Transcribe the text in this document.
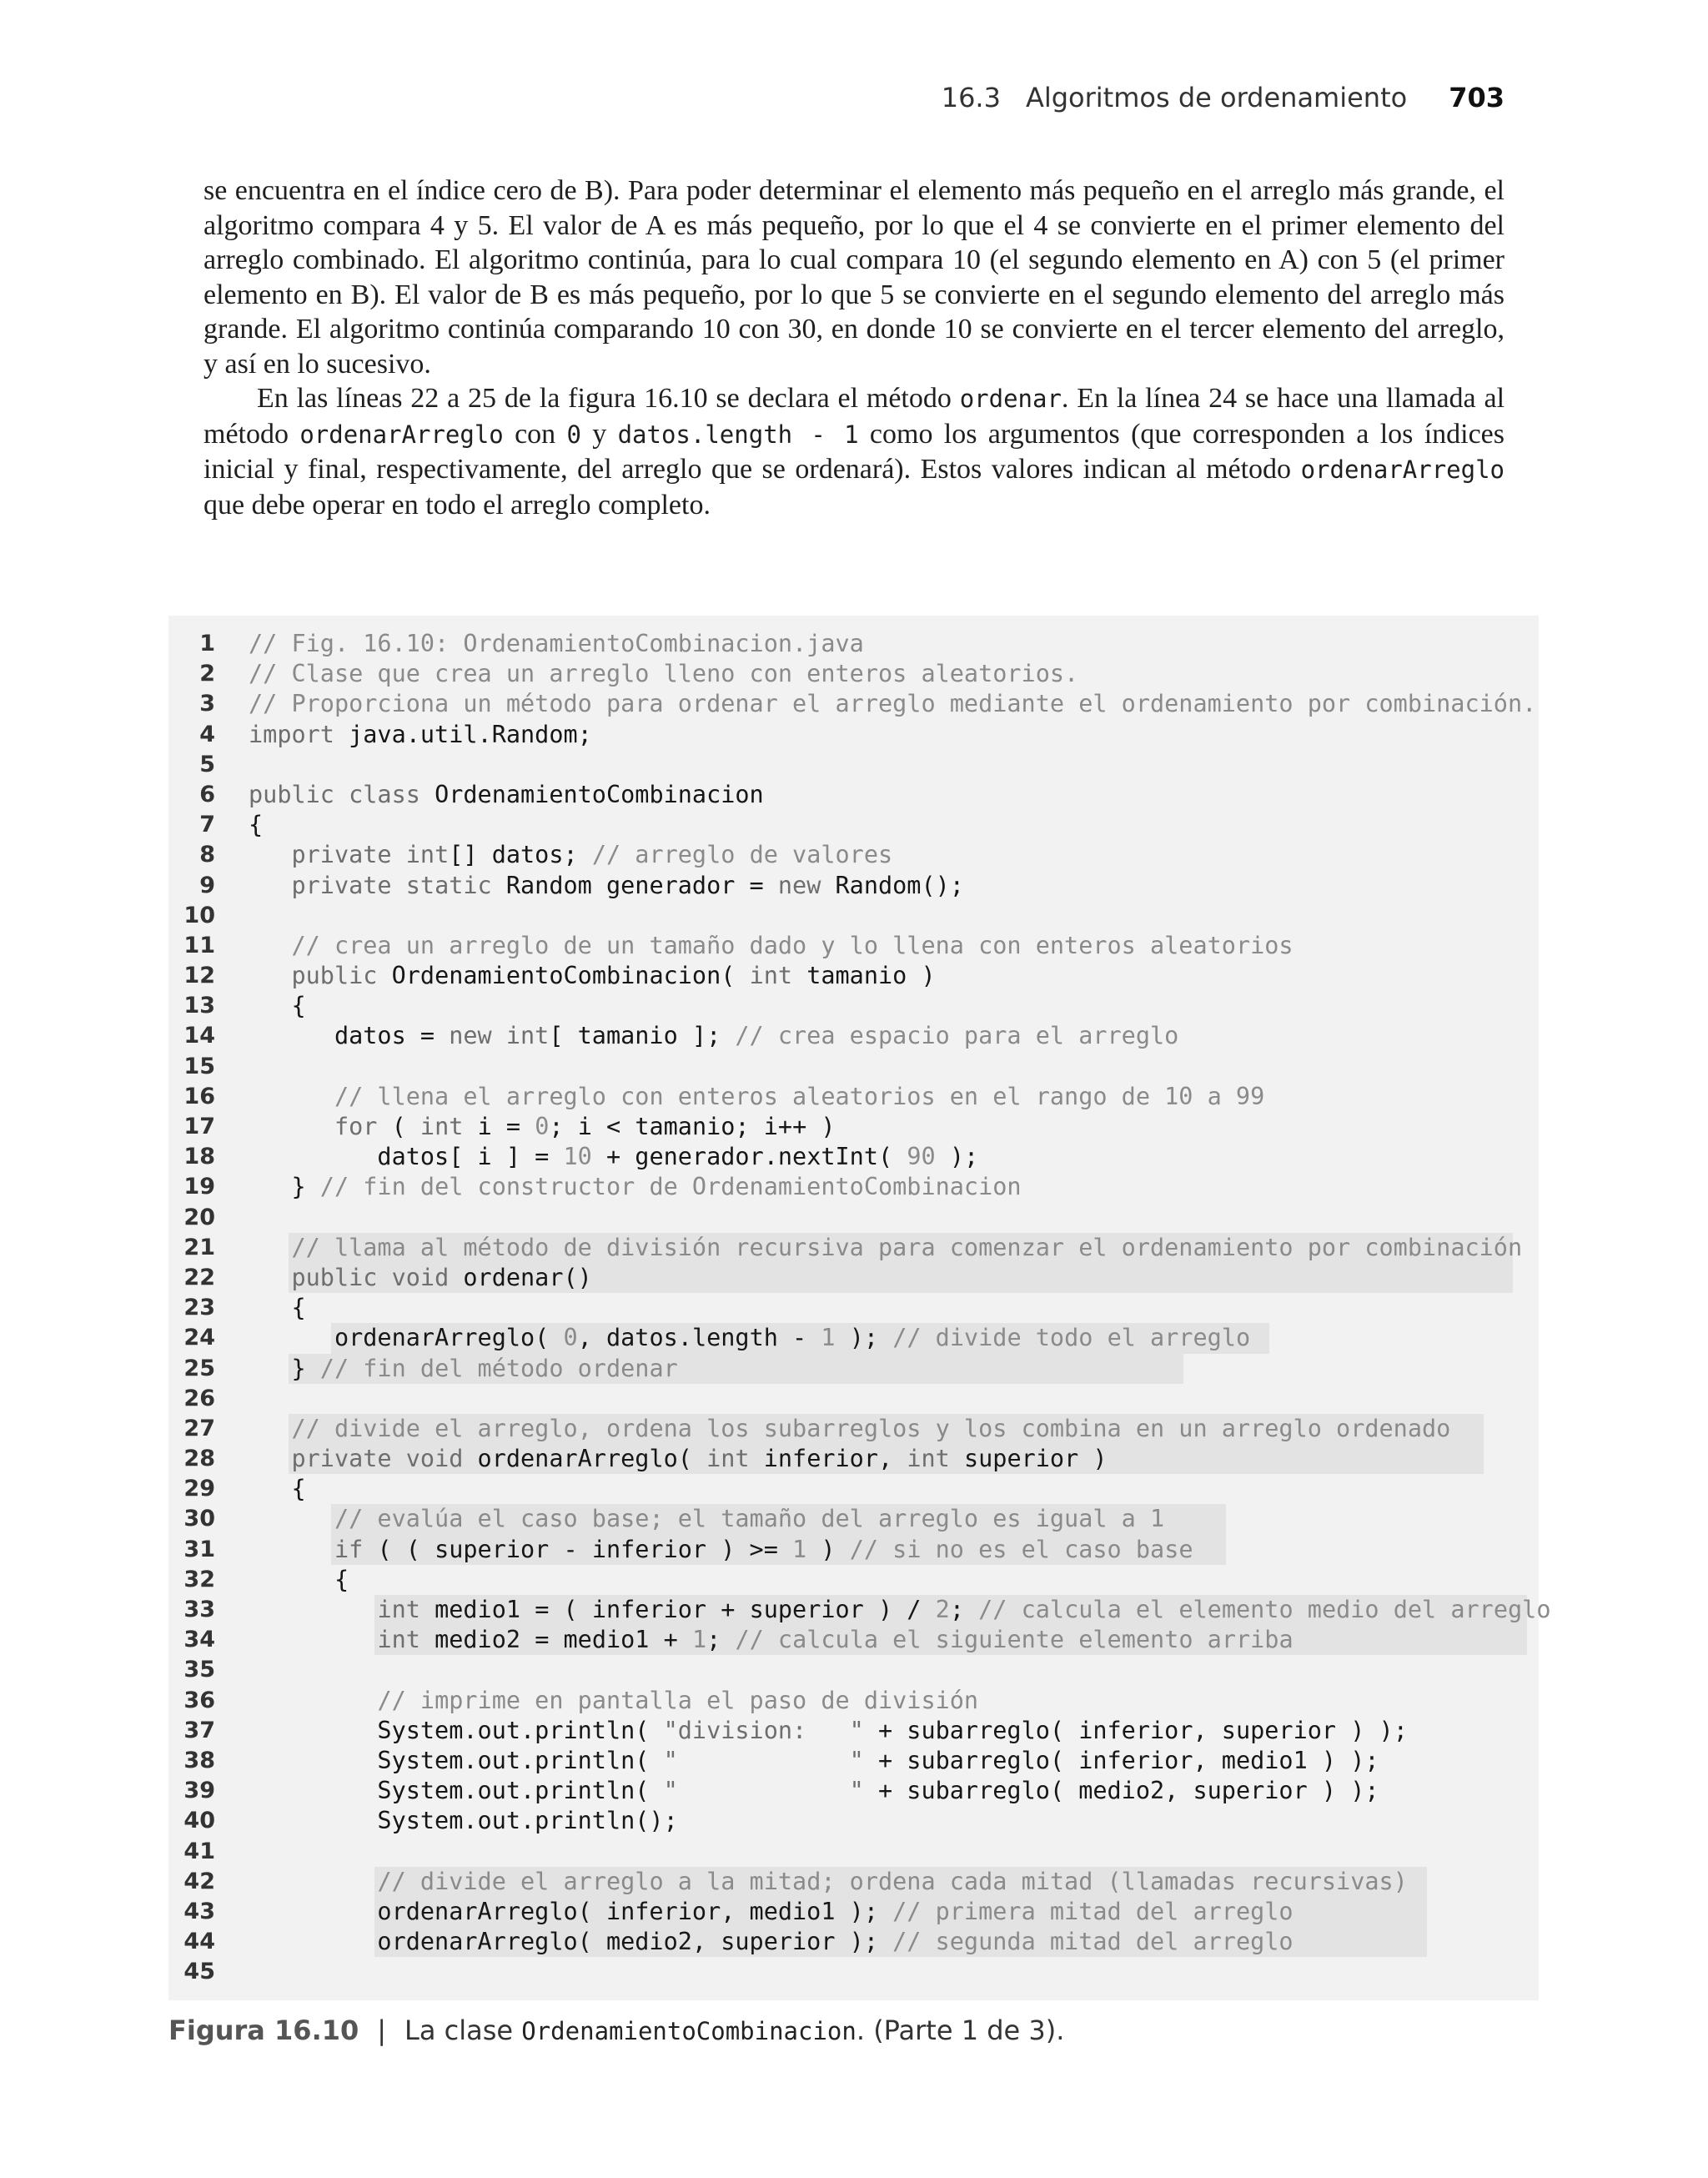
16.3 Algoritmos de ordenamiento 703

se encuentra en el índice cero de B). Para poder determinar el elemento más pequeño en el arreglo más grande, el algoritmo compara 4 y 5. El valor de A es más pequeño, por lo que el 4 se convierte en el primer elemento del arreglo combinado. El algoritmo continúa, para lo cual compara 10 (el segundo elemento en A) con 5 (el primer elemento en B). El valor de B es más pequeño, por lo que 5 se convierte en el segundo elemento del arreglo más grande. El algoritmo continúa comparando 10 con 30, en donde 10 se convierte en el tercer elemento del arreglo, y así en lo sucesivo.

En las líneas 22 a 25 de la figura 16.10 se declara el método ordenar. En la línea 24 se hace una llamada al método ordenarArreglo con 0 y datos.length - 1 como los argumentos (que corresponden a los índices inicial y final, respectivamente, del arreglo que se ordenará). Estos valores indican al método ordenarArreglo que debe operar en todo el arreglo completo.

1 // Fig. 16.10: OrdenamientoCombinacion.java
2 // Clase que crea un arreglo lleno con enteros aleatorios.
3 // Proporciona un método para ordenar el arreglo mediante el ordenamiento por combinación.
4 import java.util.Random;
5
6 public class OrdenamientoCombinacion
7 {
8	private int[] datos; // arreglo de valores
9	private static Random generador = new Random();
10
11	// crea un arreglo de un tamaño dado y lo llena con enteros aleatorios
12	public OrdenamientoCombinacion( int tamanio )
13 {
14 datos = new int[ tamanio ]; // crea espacio para el arreglo
15
16	// llena el arreglo con enteros aleatorios en el rango de 10 a 99
17	for ( int i = 0; i < tamanio; i++ )
18 datos[ i ] = 10 + generador.nextInt( 90 );
19 } // fin del constructor de OrdenamientoCombinacion
20
21	// llama al método de división recursiva para comenzar el ordenamiento por combinación
22	public void ordenar()
23 {
24 ordenarArreglo( 0, datos.length - 1 ); // divide todo el arreglo
25 } // fin del método ordenar
26
27	// divide el arreglo, ordena los subarreglos y los combina en un arreglo ordenado
28	private void ordenarArreglo( int inferior, int superior )
29 {
30	// evalúa el caso base; el tamaño del arreglo es igual a 1
31	if ( ( superior - inferior ) >= 1 ) // si no es el caso base
32 {
33	int medio1 = ( inferior + superior ) / 2; // calcula el elemento medio del arreglo
34	int medio2 = medio1 + 1; // calcula el siguiente elemento arriba
35
36	// imprime en pantalla el paso de división
37 System.out.println( "division:   " + subarreglo( inferior, superior ) );
38 System.out.println( "            " + subarreglo( inferior, medio1 ) );
39 System.out.println( "            " + subarreglo( medio2, superior ) );
40 System.out.println();
41
42	// divide el arreglo a la mitad; ordena cada mitad (llamadas recursivas)
43 ordenarArreglo( inferior, medio1 ); // primera mitad del arreglo
44 ordenarArreglo( medio2, superior ); // segunda mitad del arreglo
45
Figura 16.10 | La clase OrdenamientoCombinacion. (Parte 1 de 3).
